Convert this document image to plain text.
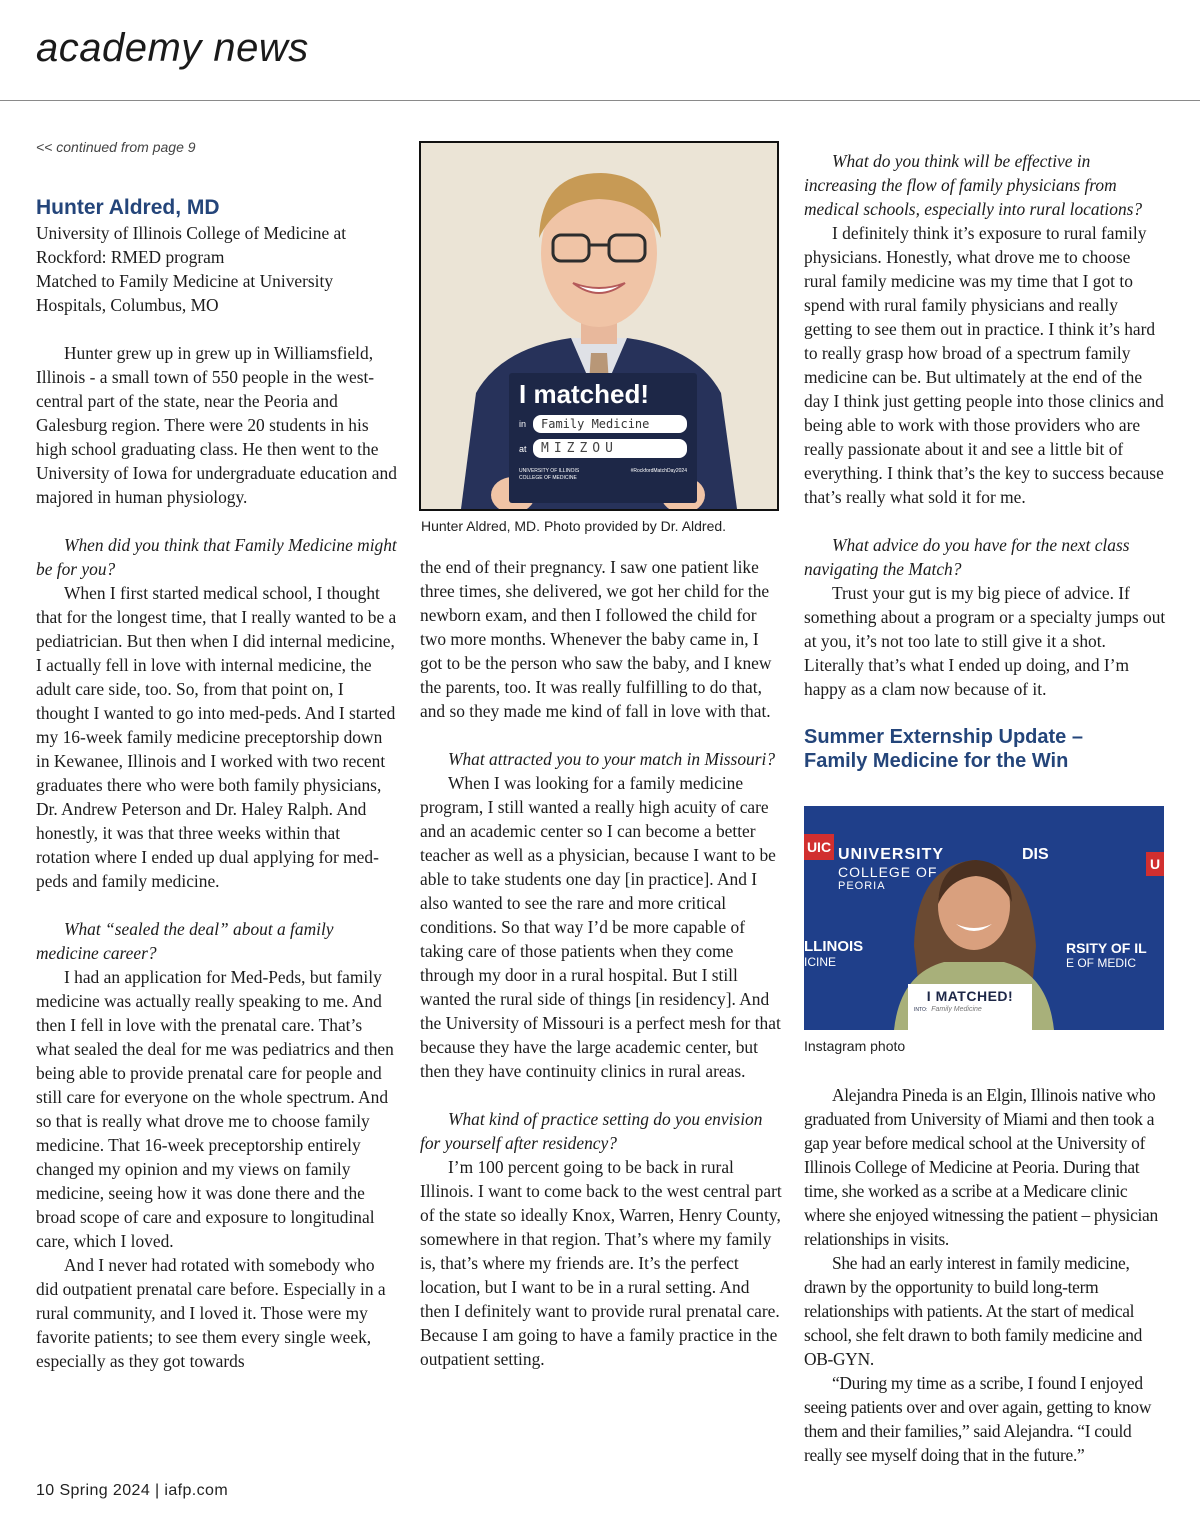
academy news
<< continued from page 9
Hunter Aldred, MD
University of Illinois College of Medicine at
Rockford: RMED program
Matched to Family Medicine at University
Hospitals, Columbus, MO

Hunter grew up in grew up in Williamsfield, Illinois - a small town of 550 people in the west-central part of the state, near the Peoria and Galesburg region. There were 20 students in his high school graduating class. He then went to the University of Iowa for undergraduate education and majored in human physiology.

When did you think that Family Medicine might be for you?

When I first started medical school, I thought that for the longest time, that I really wanted to be a pediatrician. But then when I did internal medicine, I actually fell in love with internal medicine, the adult care side, too. So, from that point on, I thought I wanted to go into med-peds. And I started my 16-week family medicine preceptorship down in Kewanee, Illinois and I worked with two recent graduates there who were both family physicians, Dr. Andrew Peterson and Dr. Haley Ralph. And honestly, it was that three weeks within that rotation where I ended up dual applying for med-peds and family medicine.

What “sealed the deal” about a family medicine career?

I had an application for Med-Peds, but family medicine was actually really speaking to me. And then I fell in love with the prenatal care. That’s what sealed the deal for me was pediatrics and then being able to provide prenatal care for people and still care for everyone on the whole spectrum. And so that is really what drove me to choose family medicine. That 16-week preceptorship entirely changed my opinion and my views on family medicine, seeing how it was done there and the broad scope of care and exposure to longitudinal care, which I loved.

And I never had rotated with somebody who did outpatient prenatal care before. Especially in a rural community, and I loved it. Those were my favorite patients; to see them every single week, especially as they got towards

I matched!
in	Family Medicine
at	MIZZOU
UNIVERSITY OF ILLINOIS COLLEGE OF MEDICINE
#RockfordMatchDay2024
Hunter Aldred, MD. Photo provided by Dr. Aldred.

the end of their pregnancy. I saw one patient like three times, she delivered, we got her child for the newborn exam, and then I followed the child for two more months. Whenever the baby came in, I got to be the person who saw the baby, and I knew the parents, too. It was really fulfilling to do that, and so they made me kind of fall in love with that.

What attracted you to your match in Missouri?

When I was looking for a family medicine program, I still wanted a really high acuity of care and an academic center so I can become a better teacher as well as a physician, because I want to be able to take students one day [in practice]. And I also wanted to see the rare and more critical conditions. So that way I’d be more capable of taking care of those patients when they come through my door in a rural hospital. But I still wanted the rural side of things [in residency]. And the University of Missouri is a perfect mesh for that because they have the large academic center, but then they have continuity clinics in rural areas.

What kind of practice setting do you envision for yourself after residency?

I’m 100 percent going to be back in rural Illinois. I want to come back to the west central part of the state so ideally Knox, Warren, Henry County, somewhere in that region. That’s where my family is, that’s where my friends are. It’s the perfect location, but I want to be in a rural setting. And then I definitely want to provide rural prenatal care. Because I am going to have a family practice in the outpatient setting.

What do you think will be effective in increasing the flow of family physicians from medical schools, especially into rural locations?

I definitely think it’s exposure to rural family physicians. Honestly, what drove me to choose rural family medicine was my time that I got to spend with rural family physicians and really getting to see them out in practice. I think it’s hard to really grasp how broad of a spectrum family medicine can be. But ultimately at the end of the day I think just getting people into those clinics and being able to work with those providers who are really passionate about it and see a little bit of everything. I think that’s the key to success because that’s really what sold it for me.

What advice do you have for the next class navigating the Match?

Trust your gut is my big piece of advice. If something about a program or a specialty jumps out at you, it’s not too late to still give it a shot. Literally that’s what I ended up doing, and I’m happy as a clam now because of it.

Summer Externship Update –
Family Medicine for the Win
UIC UNIVERSITY
COLLEGE OF
PEORIA
LLINOIS
ICINE
DIS
U
RSITY OF IL
E OF MEDIC
I MATCHED!
INTO: Family Medicine
Instagram photo

Alejandra Pineda is an Elgin, Illinois native who graduated from University of Miami and then took a gap year before medical school at the University of Illinois College of Medicine at Peoria. During that time, she worked as a scribe at a Medicare clinic where she enjoyed witnessing the patient – physician relationships in visits.

She had an early interest in family medicine, drawn by the opportunity to build long-term relationships with patients. At the start of medical school, she felt drawn to both family medicine and OB-GYN.

“During my time as a scribe, I found I enjoyed seeing patients over and over again, getting to know them and their families,” said Alejandra. “I could really see myself doing that in the future.”

10 Spring 2024 | iafp.com
